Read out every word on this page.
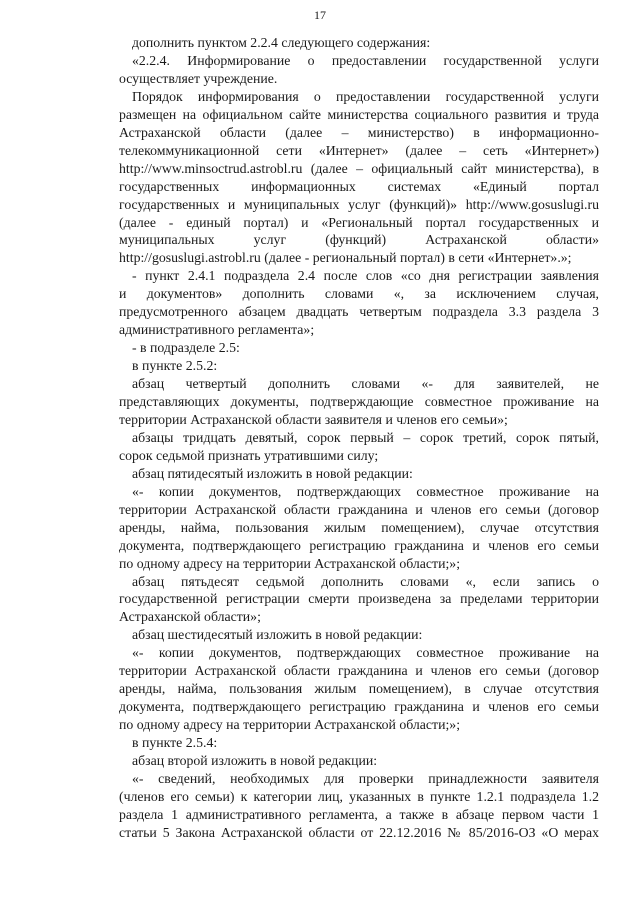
17
дополнить пунктом 2.2.4 следующего содержания:
«2.2.4. Информирование о предоставлении государственной услуги
осуществляет учреждение.
Порядок информирования о предоставлении государственной услуги
размещен на официальном сайте министерства социального развития и труда
Астраханской области (далее – министерство) в информационно-
телекоммуникационной сети «Интернет» (далее – сеть «Интернет»)
http://www.minsoctrud.astrobl.ru (далее – официальный сайт министерства), в
государственных информационных системах «Единый портал
государственных и муниципальных услуг (функций)» http://www.gosuslugi.ru
(далее - единый портал) и «Региональный портал государственных и
муниципальных услуг (функций) Астраханской области»
http://gosuslugi.astrobl.ru (далее - региональный портал) в сети «Интернет».»;
- пункт 2.4.1 подраздела 2.4 после слов «со дня регистрации заявления
и документов» дополнить словами «, за исключением случая,
предусмотренного абзацем двадцать четвертым подраздела 3.3 раздела 3
административного регламента»;
- в подразделе 2.5:
в пункте 2.5.2:
абзац четвертый дополнить словами «- для заявителей, не
представляющих документы, подтверждающие совместное проживание на
территории Астраханской области заявителя и членов его семьи»;
абзацы тридцать девятый, сорок первый – сорок третий, сорок пятый,
сорок седьмой признать утратившими силу;
абзац пятидесятый изложить в новой редакции:
«- копии документов, подтверждающих совместное проживание на
территории Астраханской области гражданина и членов его семьи (договор
аренды, найма, пользования жилым помещением), случае отсутствия
документа, подтверждающего регистрацию гражданина и членов его семьи
по одному адресу на территории Астраханской области;»;
абзац пятьдесят седьмой дополнить словами «, если запись о
государственной регистрации смерти произведена за пределами территории
Астраханской области»;
абзац шестидесятый изложить в новой редакции:
«- копии документов, подтверждающих совместное проживание на
территории Астраханской области гражданина и членов его семьи (договор
аренды, найма, пользования жилым помещением), в случае отсутствия
документа, подтверждающего регистрацию гражданина и членов его семьи
по одному адресу на территории Астраханской области;»;
в пункте 2.5.4:
абзац второй изложить в новой редакции:
«- сведений, необходимых для проверки принадлежности заявителя
(членов его семьи) к категории лиц, указанных в пункте 1.2.1 подраздела 1.2
раздела 1 административного регламента, а также в абзаце первом части 1
статьи 5 Закона Астраханской области от 22.12.2016 № 85/2016-ОЗ «О мерах
